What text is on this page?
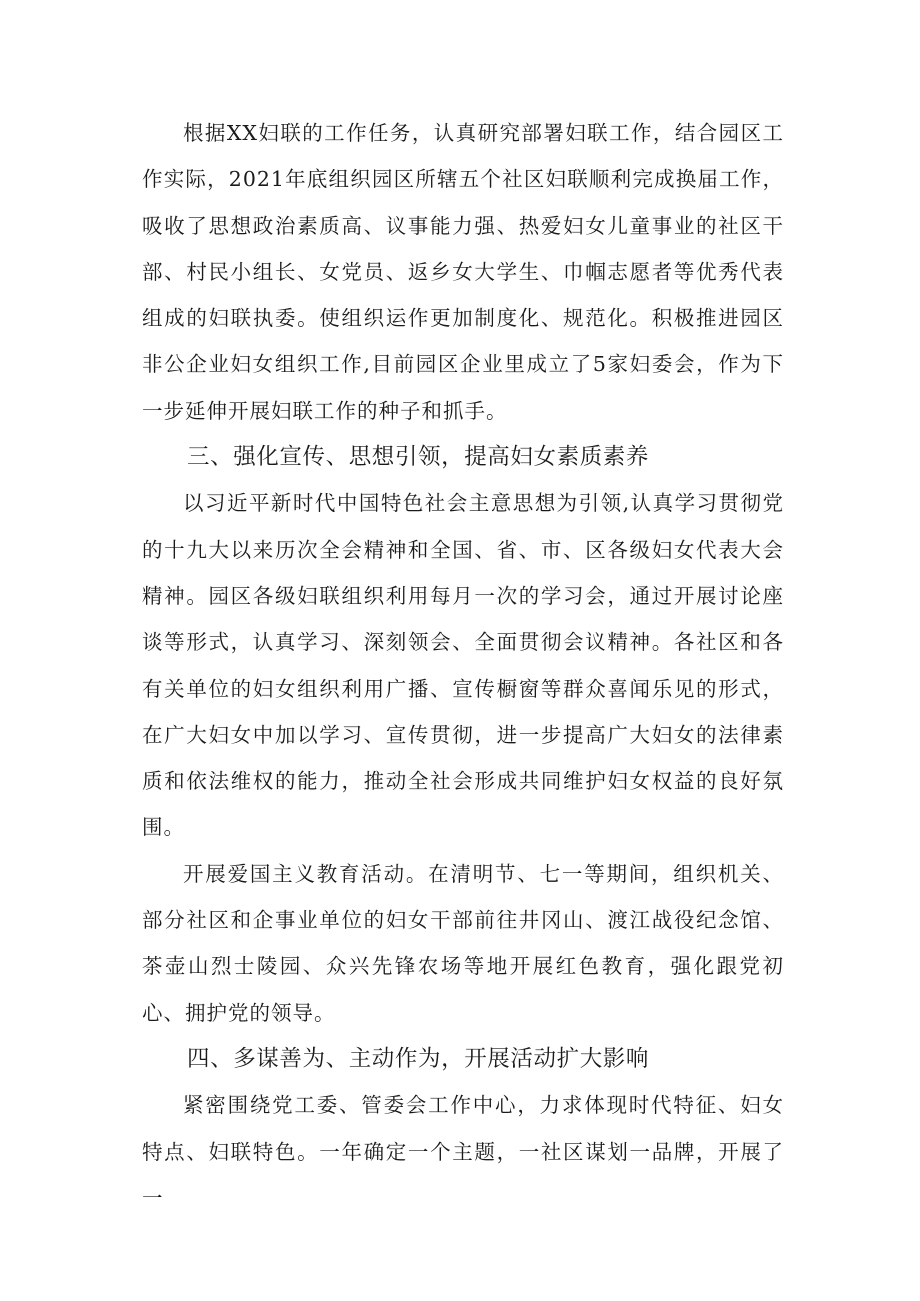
根据XX妇联的工作任务，认真研究部署妇联工作，结合园区工作实际，2021年底组织园区所辖五个社区妇联顺利完成换届工作，吸收了思想政治素质高、议事能力强、热爱妇女儿童事业的社区干部、村民小组长、女党员、返乡女大学生、巾帼志愿者等优秀代表组成的妇联执委。使组织运作更加制度化、规范化。积极推进园区非公企业妇女组织工作,目前园区企业里成立了5家妇委会，作为下一步延伸开展妇联工作的种子和抓手。

三、强化宣传、思想引领，提高妇女素质素养

以习近平新时代中国特色社会主意思想为引领,认真学习贯彻党的十九大以来历次全会精神和全国、省、市、区各级妇女代表大会精神。园区各级妇联组织利用每月一次的学习会，通过开展讨论座谈等形式，认真学习、深刻领会、全面贯彻会议精神。各社区和各有关单位的妇女组织利用广播、宣传橱窗等群众喜闻乐见的形式，在广大妇女中加以学习、宣传贯彻，进一步提高广大妇女的法律素质和依法维权的能力，推动全社会形成共同维护妇女权益的良好氛围。

开展爱国主义教育活动。在清明节、七一等期间，组织机关、部分社区和企事业单位的妇女干部前往井冈山、渡江战役纪念馆、茶壶山烈士陵园、众兴先锋农场等地开展红色教育，强化跟党初心、拥护党的领导。

四、多谋善为、主动作为，开展活动扩大影响

紧密围绕党工委、管委会工作中心，力求体现时代特征、妇女特点、妇联特色。一年确定一个主题，一社区谋划一品牌，开展了一
